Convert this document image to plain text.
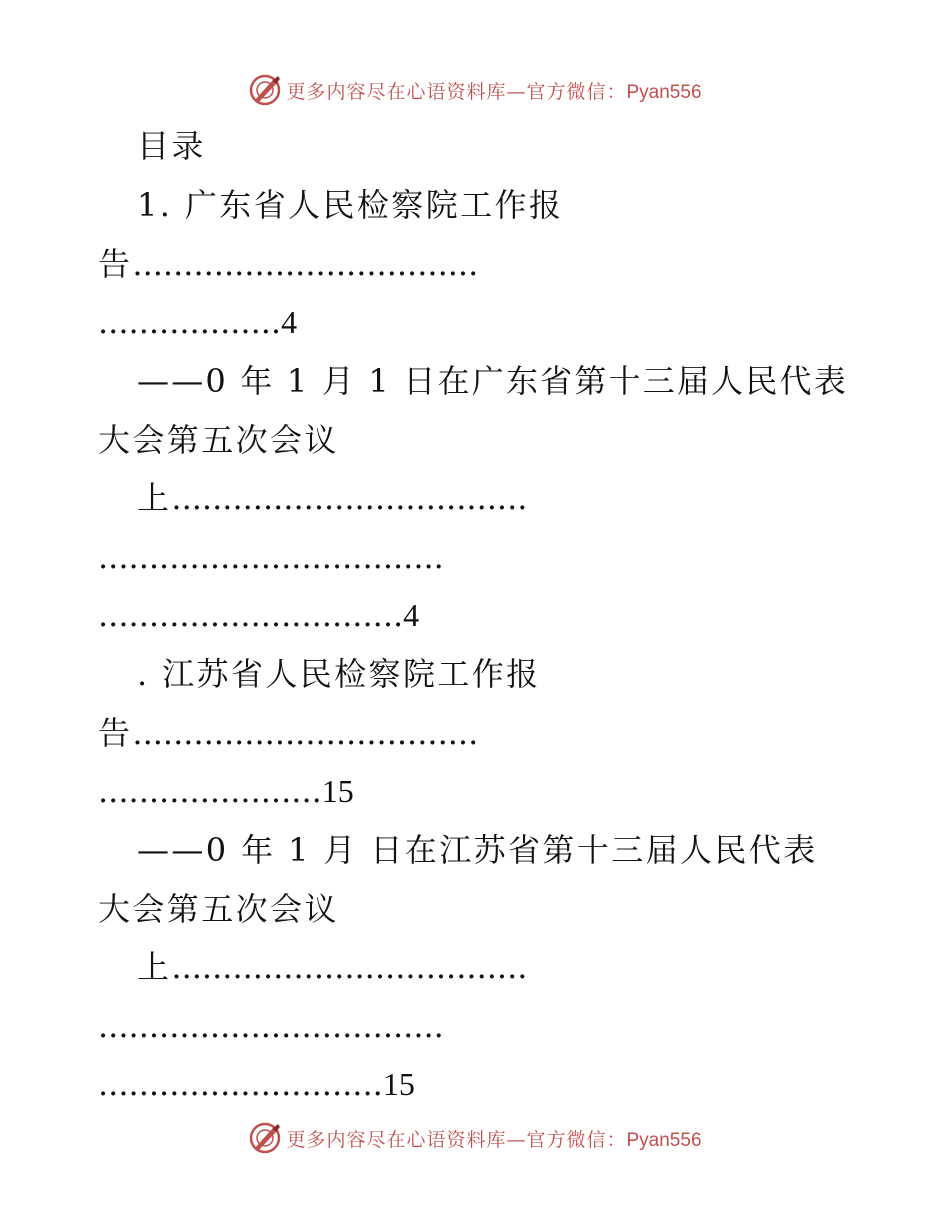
更多内容尽在心语资料库—官方微信：Pyan556
目录
1. 广东省人民检察院工作报
告..................................
..................4
——0 年 1 月 1 日在广东省第十三届人民代表
大会第五次会议
上...................................
..................................
..............................4
. 江苏省人民检察院工作报
告..................................
......................15
——0 年 1 月 日在江苏省第十三届人民代表
大会第五次会议
上...................................
..................................
............................15
更多内容尽在心语资料库—官方微信：Pyan556
